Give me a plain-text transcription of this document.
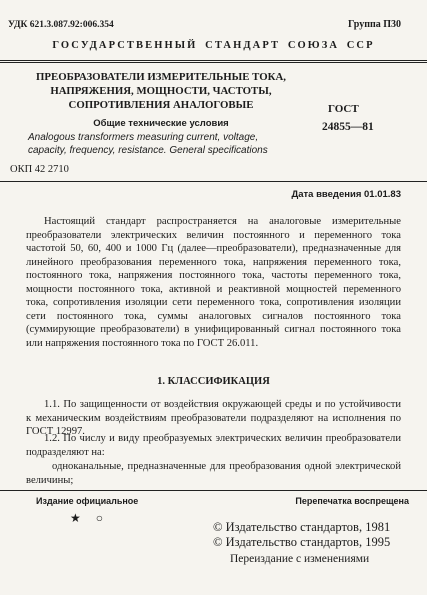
УДК 621.3.087.92:006.354	Группа П30
ГОСУДАРСТВЕННЫЙ СТАНДАРТ СОЮЗА ССР
ПРЕОБРАЗОВАТЕЛИ ИЗМЕРИТЕЛЬНЫЕ ТОКА,
НАПРЯЖЕНИЯ, МОЩНОСТИ, ЧАСТОТЫ,
СОПРОТИВЛЕНИЯ АНАЛОГОВЫЕ	ГОСТ
24855—81
Общие технические условия
Analogous transformers measuring current, voltage, capacity, frequency, resistance. General specifications
ОКП 42 2710
Дата введения 01.01.83
Настоящий стандарт распространяется на аналоговые измерительные преобразователи электрических величин постоянного и переменного тока частотой 50, 60, 400 и 1000 Гц (далее—преобразователи), предназначенные для линейного преобразования переменного тока, напряжения переменного тока, постоянного тока, напряжения постоянного тока, частоты переменного тока, мощности постоянного тока, активной и реактивной мощностей переменного тока, сопротивления изоляции сети переменного тока, сопротивления изоляции сети постоянного тока, суммы аналоговых сигналов постоянного тока (суммирующие преобразователи) в унифицированный сигнал постоянного тока или напряжения постоянного тока по ГОСТ 26.011.
1. КЛАССИФИКАЦИЯ
1.1. По защищенности от воздействия окружающей среды и по устойчивости к механическим воздействиям преобразователи подразделяют на исполнения по ГОСТ 12997.
1.2. По числу и виду преобразуемых электрических величин преобразователи подразделяют на:
одноканальные, предназначенные для преобразования одной электрической величины;
Издание официальное	Перепечатка воспрещена
★ ○
© Издательство стандартов, 1981
© Издательство стандартов, 1995
Переиздание с изменениями
